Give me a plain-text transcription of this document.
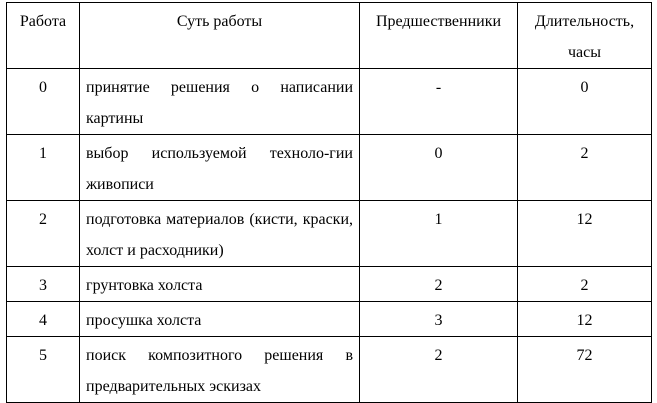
Работа	Суть работы	Предшественники	Длительность, часы
0	принятие решения о написании картины	-	0
1	выбор используемой техноло-гии живописи	0	2
2	подготовка материалов (кисти, краски, холст и расходники)	1	12
3	грунтовка холста	2	2
4	просушка холста	3	12
5	поиск композитного решения в предварительных эскизах	2	72
